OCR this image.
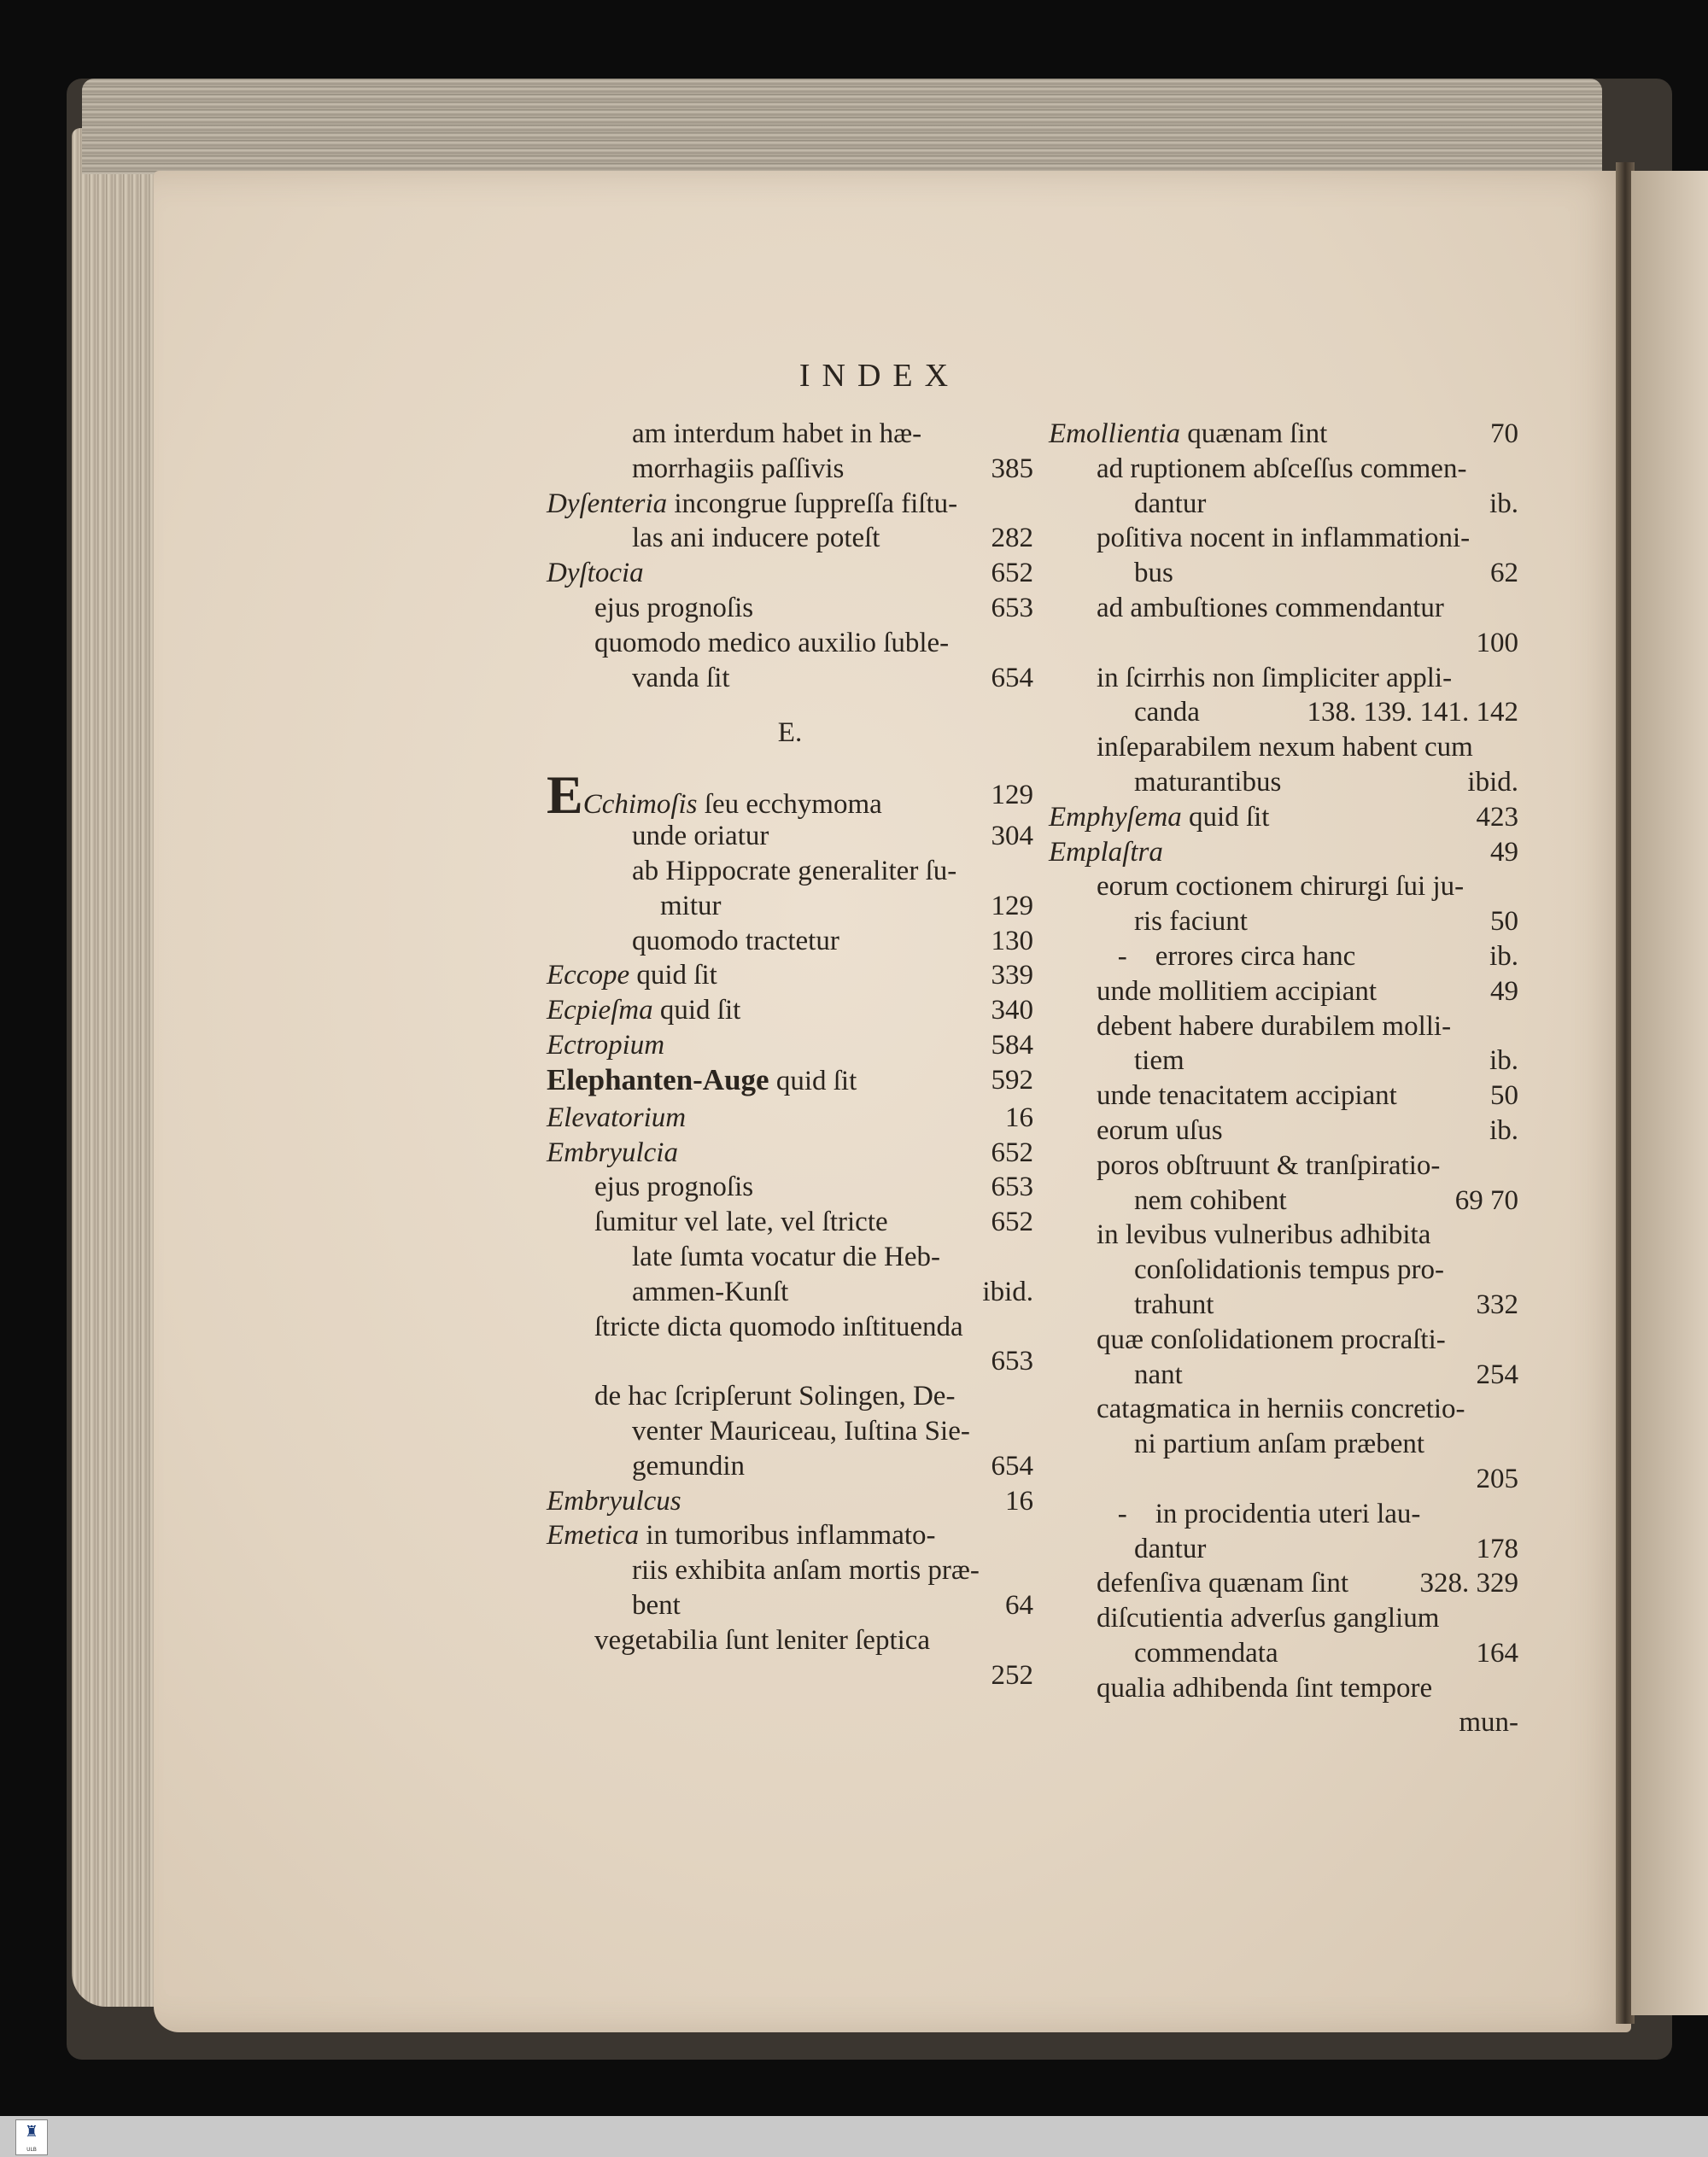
INDEX
am interdum habet in hæ-
morrhagiis paſſivis	385
Dyſenteria incongrue ſuppreſſa fiſtu-
las ani inducere poteſt	282
Dyſtocia	652
ejus prognoſis	653
quomodo medico auxilio ſuble-
vanda ſit	654
E.
ECchimoſis ſeu ecchymoma	129
unde oriatur	304
ab Hippocrate generaliter ſu-
mitur	129
quomodo tractetur	130
Eccope quid ſit	339
Ecpieſma quid ſit	340
Ectropium	584
Elephanten-Auge quid ſit	592
Elevatorium	16
Embryulcia	652
ejus prognoſis	653
ſumitur vel late, vel ſtricte	652
late ſumta vocatur die Heb-
ammen-Kunſt	ibid.
ſtricte dicta quomodo inſtituenda
653
de hac ſcripſerunt Solingen, De-
venter Mauriceau, Iuſtina Sie-
gemundin	654
Embryulcus	16
Emetica in tumoribus inflammato-
riis exhibita anſam mortis præ-
bent	64
vegetabilia ſunt leniter ſeptica
252
Emollientia quænam ſint	70
ad ruptionem abſceſſus commen-
dantur	ib.
poſitiva nocent in inflammationi-
bus	62
ad ambuſtiones commendantur
100
in ſcirrhis non ſimpliciter appli-
canda	138. 139. 141. 142
inſeparabilem nexum habent cum
maturantibus	ibid.
Emphyſema quid ſit	423
Emplaſtra	49
eorum coctionem chirurgi ſui ju-
ris faciunt	50
-    errores circa hanc	ib.
unde mollitiem accipiant	49
debent habere durabilem molli-
tiem	ib.
unde tenacitatem accipiant	50
eorum uſus	ib.
poros obſtruunt & tranſpiratio-
nem cohibent	69 70
in levibus vulneribus adhibita
conſolidationis tempus pro-
trahunt	332
quæ conſolidationem procraſti-
nant	254
catagmatica in herniis concretio-
ni partium anſam præbent
205
-    in procidentia uteri lau-
dantur	178
defenſiva quænam ſint	328. 329
diſcutientia adverſus ganglium
commendata	164
qualia adhibenda ſint tempore
mun-
♜
ULB
